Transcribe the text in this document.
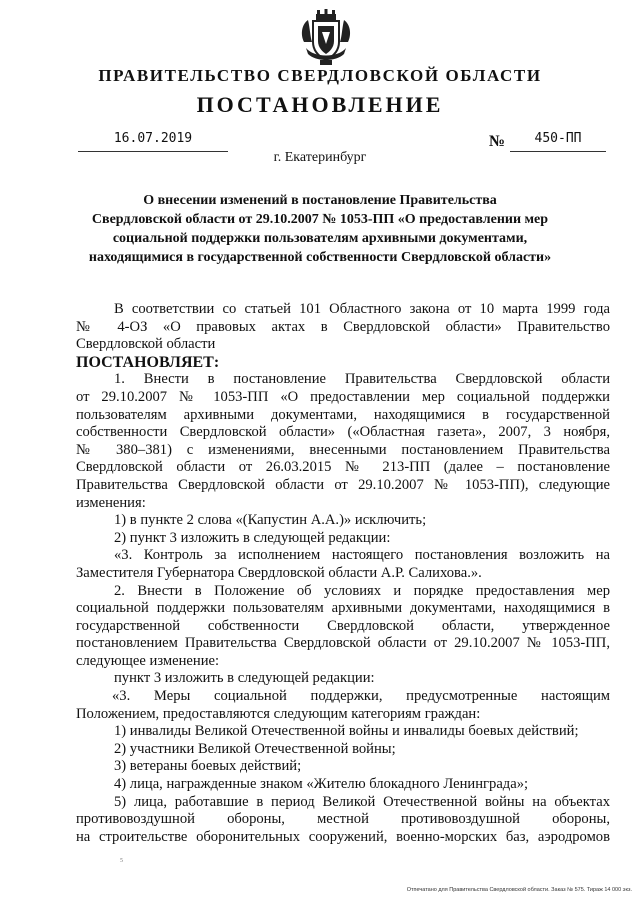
ПРАВИТЕЛЬСТВО СВЕРДЛОВСКОЙ ОБЛАСТИ
ПОСТАНОВЛЕНИЕ
16.07.2019	№	450-ПП
г. Екатеринбург
О внесении изменений в постановление Правительства
Свердловской области от 29.10.2007 № 1053-ПП «О предоставлении мер
социальной поддержки пользователям архивными документами,
находящимися в государственной собственности Свердловской области»
В соответствии со статьей 101 Областного закона от 10 марта 1999 года
№ 4-ОЗ «О правовых актах в Свердловской области» Правительство
Свердловской области
ПОСТАНОВЛЯЕТ:
1. Внести в постановление Правительства Свердловской области
от 29.10.2007 № 1053-ПП «О предоставлении мер социальной поддержки
пользователям архивными документами, находящимися в государственной
собственности Свердловской области» («Областная газета», 2007, 3 ноября,
№ 380–381) с изменениями, внесенными постановлением Правительства
Свердловской области от 26.03.2015 № 213-ПП (далее – постановление
Правительства Свердловской области от 29.10.2007 № 1053-ПП), следующие
изменения:
1) в пункте 2 слова «(Капустин А.А.)» исключить;
2) пункт 3 изложить в следующей редакции:
«3. Контроль за исполнением настоящего постановления возложить на
Заместителя Губернатора Свердловской области А.Р. Салихова.».
2. Внести в Положение об условиях и порядке предоставления мер
социальной поддержки пользователям архивными документами, находящимися в
государственной собственности Свердловской области, утвержденное
постановлением Правительства Свердловской области от 29.10.2007 № 1053-ПП,
следующее изменение:
пункт 3 изложить в следующей редакции:
«3. Меры социальной поддержки, предусмотренные настоящим
Положением, предоставляются следующим категориям граждан:
1) инвалиды Великой Отечественной войны и инвалиды боевых действий;
2) участники Великой Отечественной войны;
3) ветераны боевых действий;
4) лица, награжденные знаком «Жителю блокадного Ленинграда»;
5) лица, работавшие в период Великой Отечественной войны на объектах
противовоздушной обороны, местной противовоздушной обороны,
на строительстве оборонительных сооружений, военно-морских баз, аэродромов
5
Отпечатано для Правительства Свердловской области. Заказ № 575. Тираж 14 000 экз.
